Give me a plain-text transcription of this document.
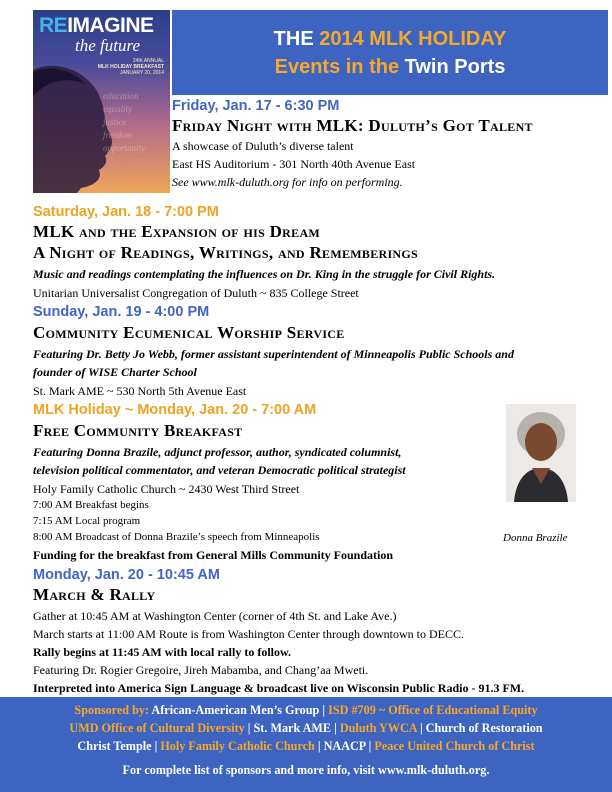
education
equality
justice
freedom
opportunity
REIMAGINE
the future
24th ANNUAL
MLK HOLIDAY BREAKFAST
JANUARY 20, 2014
THE 2014 MLK HOLIDAY
Events in the Twin Ports
Friday, Jan. 17 - 6:30 PM
Friday Night with MLK: Duluth’s Got Talent
A showcase of Duluth’s diverse talent
East HS Auditorium - 301 North 40th Avenue East
See www.mlk-duluth.org for info on performing.
Saturday, Jan. 18 - 7:00 PM
MLK and the Expansion of his Dream
A Night of Readings, Writings, and Rememberings
Music and readings contemplating the influences on Dr. King in the struggle for Civil Rights.
Unitarian Universalist Congregation of Duluth ~ 835 College Street
Sunday, Jan. 19 - 4:00 PM
Community Ecumenical Worship Service
Featuring Dr. Betty Jo Webb, former assistant superintendent of Minneapolis Public Schools and
founder of WISE Charter School
St. Mark AME ~ 530 North 5th Avenue East
MLK Holiday ~ Monday, Jan. 20 - 7:00 AM
Free Community Breakfast
Featuring Donna Brazile, adjunct professor, author, syndicated columnist,
television political commentator, and veteran Democratic political strategist
Holy Family Catholic Church ~ 2430 West Third Street
7:00 AM Breakfast begins
7:15 AM Local program
8:00 AM Broadcast of Donna Brazile’s speech from Minneapolis
Funding for the breakfast from General Mills Community Foundation
Donna Brazile
Monday, Jan. 20 - 10:45 AM
March & Rally
Gather at 10:45 AM at Washington Center (corner of 4th St. and Lake Ave.)
March starts at 11:00 AM Route is from Washington Center through downtown to DECC.
Rally begins at 11:45 AM with local rally to follow.
Featuring Dr. Rogier Gregoire, Jireh Mabamba, and Chang’aa Mweti.
Interpreted into America Sign Language & broadcast live on Wisconsin Public Radio - 91.3 FM.
Sponsored by: African-American Men’s Group | ISD #709 ~ Office of Educational Equity
UMD Office of Cultural Diversity | St. Mark AME | Duluth YWCA | Church of Restoration
Christ Temple | Holy Family Catholic Church | NAACP | Peace United Church of Christ
For complete list of sponsors and more info, visit www.mlk-duluth.org.
